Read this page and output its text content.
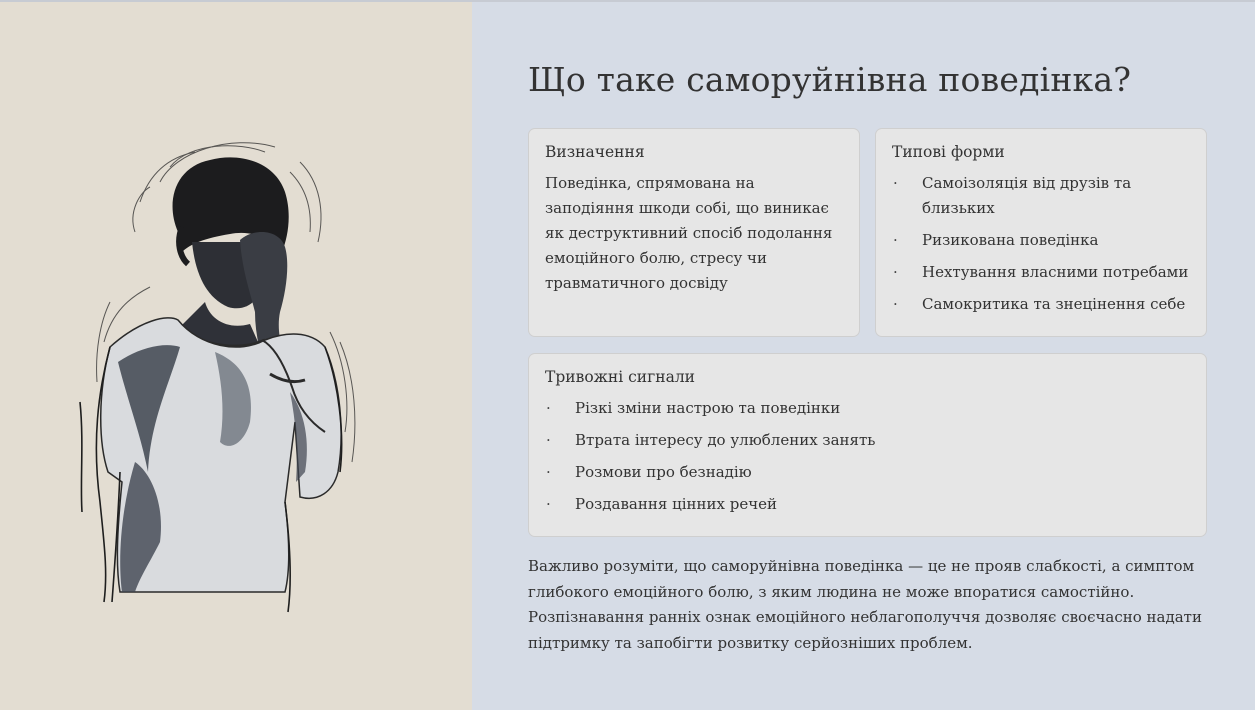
Що таке саморуйнівна поведінка?
Визначення

Поведінка, спрямована на заподіяння шкоди собі, що виникає як деструктивний спосіб подолання емоційного болю, стресу чи травматичного досвіду

Типові форми
· Самоізоляція від друзів та близьких
· Ризикована поведінка
· Нехтування власними потребами
· Самокритика та знецінення себе
Тривожні сигнали
· Різкі зміни настрою та поведінки
· Втрата інтересу до улюблених занять
· Розмови про безнадію
· Роздавання цінних речей

Важливо розуміти, що саморуйнівна поведінка — це не прояв слабкості, а симптом глибокого емоційного болю, з яким людина не може впоратися самостійно. Розпізнавання ранніх ознак емоційного неблагополуччя дозволяє своєчасно надати підтримку та запобігти розвитку серйозніших проблем.
